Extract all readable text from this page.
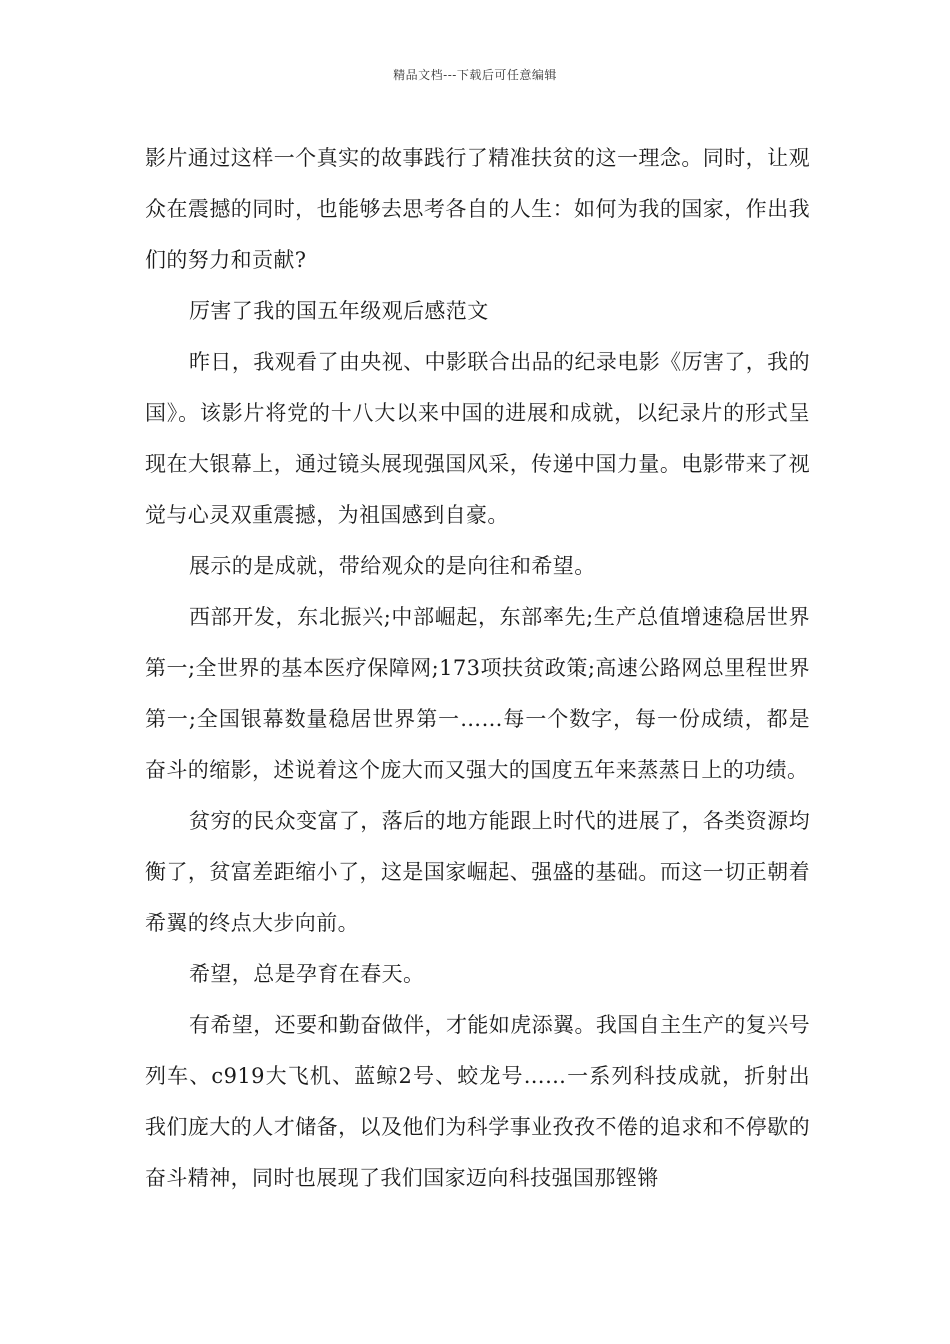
精品文档---下载后可任意编辑

影片通过这样一个真实的故事践行了精准扶贫的这一理念。同时，让观众在震撼的同时，也能够去思考各自的人生：如何为我的国家，作出我们的努力和贡献?

厉害了我的国五年级观后感范文

昨日，我观看了由央视、中影联合出品的纪录电影《厉害了，我的国》。该影片将党的十八大以来中国的进展和成就，以纪录片的形式呈现在大银幕上，通过镜头展现强国风采，传递中国力量。电影带来了视觉与心灵双重震撼，为祖国感到自豪。

展示的是成就，带给观众的是向往和希望。

西部开发，东北振兴;中部崛起，东部率先;生产总值增速稳居世界第一;全世界的基本医疗保障网;173项扶贫政策;高速公路网总里程世界第一;全国银幕数量稳居世界第一……每一个数字，每一份成绩，都是奋斗的缩影，述说着这个庞大而又强大的国度五年来蒸蒸日上的功绩。

贫穷的民众变富了，落后的地方能跟上时代的进展了，各类资源均衡了，贫富差距缩小了，这是国家崛起、强盛的基础。而这一切正朝着希翼的终点大步向前。

希望，总是孕育在春天。

有希望，还要和勤奋做伴，才能如虎添翼。我国自主生产的复兴号列车、c919大飞机、蓝鲸2号、蛟龙号……一系列科技成就，折射出我们庞大的人才储备，以及他们为科学事业孜孜不倦的追求和不停歇的奋斗精神，同时也展现了我们国家迈向科技强国那铿锵
